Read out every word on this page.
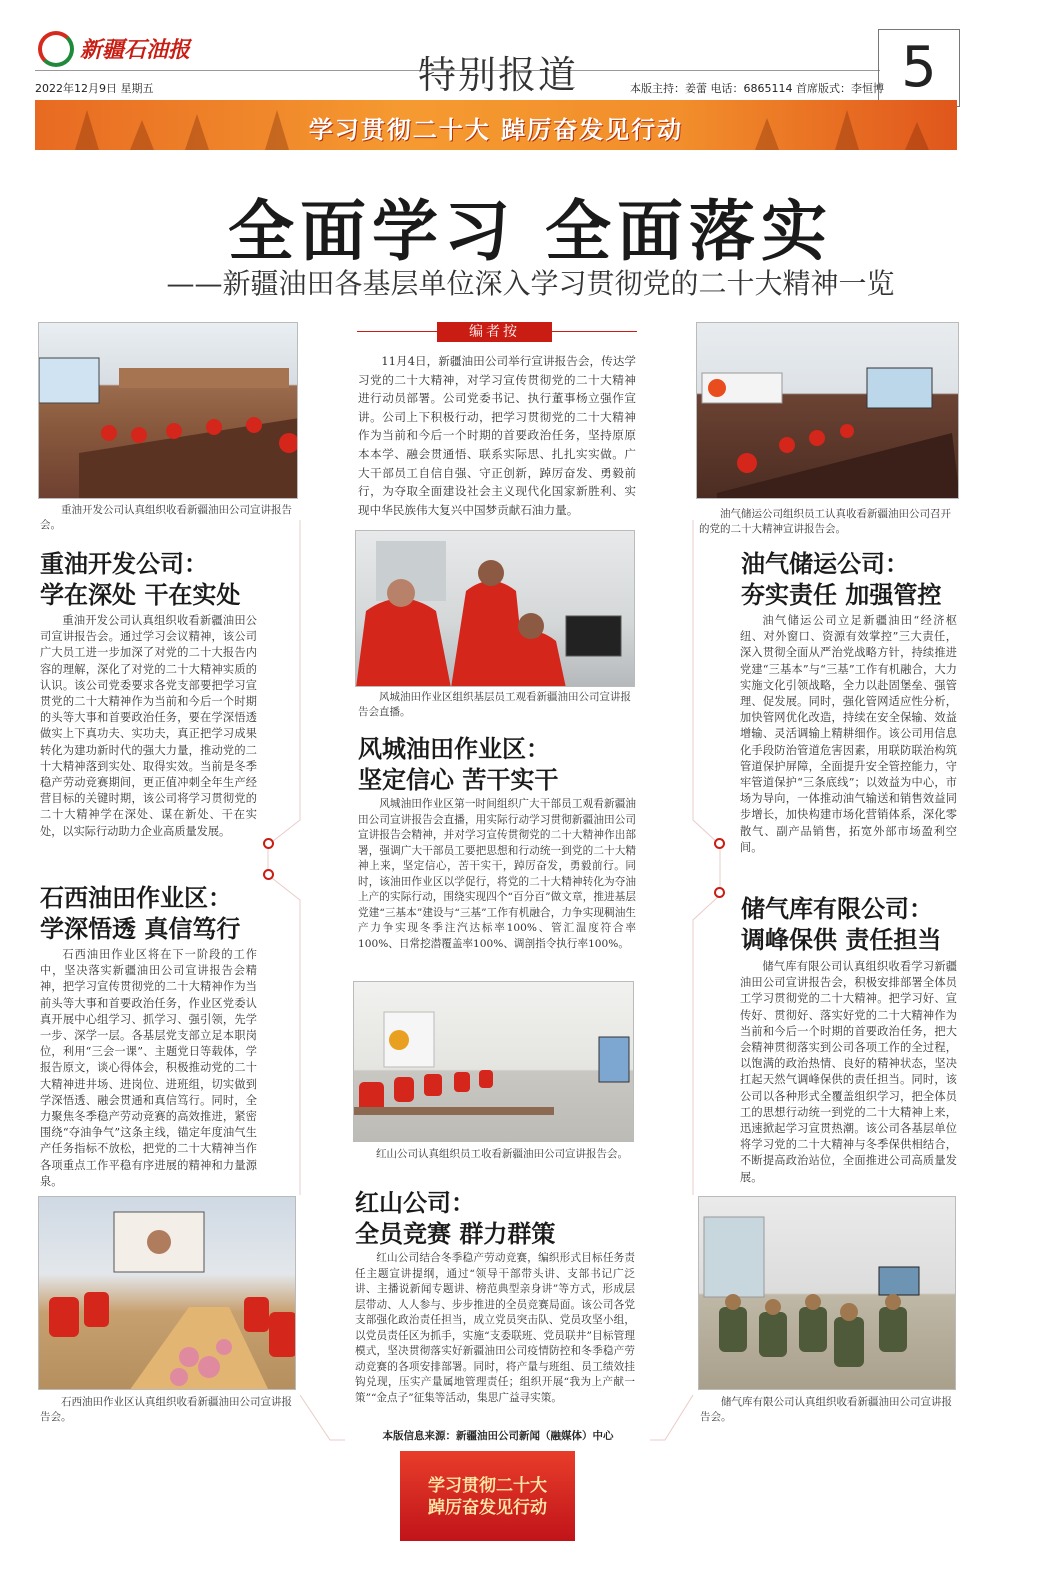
新疆石油报
2022年12月9日 星期五	特别报道	本版主持：姜蕾 电话：6865114 首席版式：李恒博 5
学习贯彻二十大 踔厉奋发见行动
全面学习 全面落实
——新疆油田各基层单位深入学习贯彻党的二十大精神一览
重油开发公司认真组织收看新疆油田公司宣讲报告会。
油气储运公司组织员工认真收看新疆油田公司召开的党的二十大精神宣讲报告会。
编者按
11月4日，新疆油田公司举行宣讲报告会，传达学习党的二十大精神，对学习宣传贯彻党的二十大精神进行动员部署。公司党委书记、执行董事杨立强作宣讲。公司上下积极行动，把学习贯彻党的二十大精神作为当前和今后一个时期的首要政治任务，坚持原原本本学、融会贯通悟、联系实际思、扎扎实实做。广大干部员工自信自强、守正创新，踔厉奋发、勇毅前行，为夺取全面建设社会主义现代化国家新胜利、实现中华民族伟大复兴中国梦贡献石油力量。
风城油田作业区组织基层员工观看新疆油田公司宣讲报告会直播。
重油开发公司：
学在深处 干在实处
重油开发公司认真组织收看新疆油田公司宣讲报告会。通过学习会议精神，该公司广大员工进一步加深了对党的二十大报告内容的理解，深化了对党的二十大精神实质的认识。该公司党委要求各党支部要把学习宣贯党的二十大精神作为当前和今后一个时期的头等大事和首要政治任务，要在学深悟透做实上下真功夫、实功夫，真正把学习成果转化为建功新时代的强大力量，推动党的二十大精神落到实处、取得实效。当前是冬季稳产劳动竞赛期间，更正值冲刺全年生产经营目标的关键时期，该公司将学习贯彻党的二十大精神学在深处、谋在新处、干在实处，以实际行动助力企业高质量发展。
油气储运公司：
夯实责任 加强管控
油气储运公司立足新疆油田“经济枢纽、对外窗口、资源有效掌控”三大责任，深入贯彻全面从严治党战略方针，持续推进党建“三基本”与“三基”工作有机融合，大力实施文化引领战略，全力以赴固堡垒、强管理、促发展。同时，强化管网适应性分析，加快管网优化改造，持续在安全保输、效益增输、灵活调输上精耕细作。该公司用信息化手段防治管道危害因素，用联防联治构筑管道保护屏障，全面提升安全管控能力，守牢管道保护“三条底线”；以效益为中心，市场为导向，一体推动油气输送和销售效益同步增长，加快构建市场化营销体系，深化零散气、副产品销售，拓宽外部市场盈利空间。
风城油田作业区：
坚定信心 苦干实干
风城油田作业区第一时间组织广大干部员工观看新疆油田公司宣讲报告会直播，用实际行动学习贯彻新疆油田公司宣讲报告会精神，并对学习宣传贯彻党的二十大精神作出部署，强调广大干部员工要把思想和行动统一到党的二十大精神上来，坚定信心，苦干实干，踔厉奋发，勇毅前行。同时，该油田作业区以学促行，将党的二十大精神转化为夺油上产的实际行动，围绕实现四个“百分百”做文章，推进基层党建“三基本”建设与“三基”工作有机融合，力争实现稠油生产力争实现冬季注汽达标率100%、管汇温度符合率100%、日常挖潜覆盖率100%、调剖指令执行率100%。
石西油田作业区：
学深悟透 真信笃行
石西油田作业区将在下一阶段的工作中，坚决落实新疆油田公司宣讲报告会精神，把学习宣传贯彻党的二十大精神作为当前头等大事和首要政治任务，作业区党委认真开展中心组学习、抓学习、强引领，先学一步、深学一层。各基层党支部立足本职岗位，利用“三会一课”、主题党日等载体，学报告原文，谈心得体会，积极推动党的二十大精神进井场、进岗位、进班组，切实做到学深悟透、融会贯通和真信笃行。同时，全力聚焦冬季稳产劳动竞赛的高效推进，紧密围绕“夺油争气”这条主线，锚定年度油气生产任务指标不放松，把党的二十大精神当作各项重点工作平稳有序进展的精神和力量源泉。
储气库有限公司：
调峰保供 责任担当
储气库有限公司认真组织收看学习新疆油田公司宣讲报告会，积极安排部署全体员工学习贯彻党的二十大精神。把学习好、宣传好、贯彻好、落实好党的二十大精神作为当前和今后一个时期的首要政治任务，把大会精神贯彻落实到公司各项工作的全过程，以饱满的政治热情、良好的精神状态，坚决扛起天然气调峰保供的责任担当。同时，该公司以各种形式全覆盖组织学习，把全体员工的思想行动统一到党的二十大精神上来，迅速掀起学习宣贯热潮。该公司各基层单位将学习党的二十大精神与冬季保供相结合，不断提高政治站位，全面推进公司高质量发展。
红山公司认真组织员工收看新疆油田公司宣讲报告会。
红山公司：
全员竞赛 群力群策
红山公司结合冬季稳产劳动竞赛，编织形式目标任务责任主题宣讲提纲，通过“领导干部带头讲、支部书记广泛讲、主播说新闻专题讲、榜范典型亲身讲”等方式，形成层层带动、人人参与、步步推进的全员竞赛局面。该公司各党支部强化政治责任担当，成立党员突击队、党员攻坚小组，以党员责任区为抓手，实施“支委联班、党员联井”目标管理模式，坚决贯彻落实好新疆油田公司疫情防控和冬季稳产劳动竞赛的各项安排部署。同时，将产量与班组、员工绩效挂钩兑现，压实产量属地管理责任；组织开展“我为上产献一策”“金点子”征集等活动，集思广益寻实策。
石西油田作业区认真组织收看新疆油田公司宣讲报告会。
储气库有限公司认真组织收看新疆油田公司宣讲报告会。
本版信息来源：新疆油田公司新闻（融媒体）中心
学习贯彻二十大
踔厉奋发见行动
